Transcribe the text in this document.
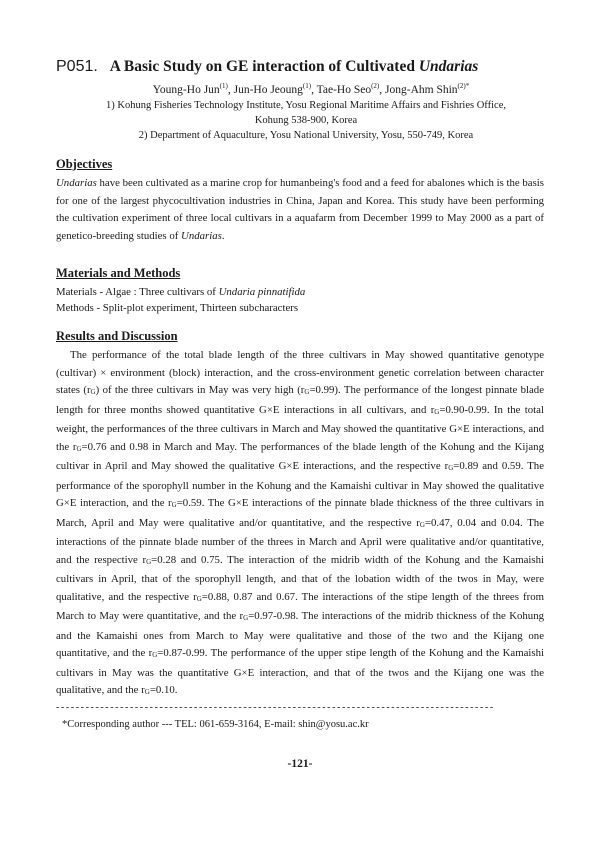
P051. A Basic Study on GE interaction of Cultivated Undarias
Young-Ho Jun$^{(1)}$, Jun-Ho Jeoung$^{(1)}$, Tae-Ho Seo$^{(2)}$, Jong-Ahm Shin$^{(2)*}$
1) Kohung Fisheries Technology Institute, Yosu Regional Maritime Affairs and Fishries Office,
Kohung 538-900, Korea
2) Department of Aquaculture, Yosu National University, Yosu, 550-749, Korea
Objectives
Undarias have been cultivated as a marine crop for humanbeing's food and a feed for abalones which is the basis for one of the largest phycocultivation industries in China, Japan and Korea. This study have been performing the cultivation experiment of three local cultivars in a aquafarm from December 1999 to May 2000 as a part of genetico-breeding studies of Undarias.
Materials and Methods
Materials - Algae : Three cultivars of Undaria pinnatifida
Methods - Split-plot experiment, Thirteen subcharacters
Results and Discussion
The performance of the total blade length of the three cultivars in May showed quantitative genotype (cultivar) × environment (block) interaction, and the cross-environment genetic correlation between character states (rG) of the three cultivars in May was very high (rG=0.99). The performance of the longest pinnate blade length for three months showed quantitative G×E interactions in all cultivars, and rG=0.90-0.99. In the total weight, the performances of the three cultivars in March and May showed the quantitative G×E interactions, and the rG=0.76 and 0.98 in March and May. The performances of the blade length of the Kohung and the Kijang cultivar in April and May showed the qualitative G×E interactions, and the respective rG=0.89 and 0.59. The performance of the sporophyll number in the Kohung and the Kamaishi cultivar in May showed the qualitative G×E interaction, and the rG=0.59. The G×E interactions of the pinnate blade thickness of the three cultivars in March, April and May were qualitative and/or quantitative, and the respective rG=0.47, 0.04 and 0.04. The interactions of the pinnate blade number of the threes in March and April were qualitative and/or quantitative, and the respective rG=0.28 and 0.75. The interaction of the midrib width of the Kohung and the Kamaishi cultivars in April, that of the sporophyll length, and that of the lobation width of the twos in May, were qualitative, and the respective rG=0.88, 0.87 and 0.67. The interactions of the stipe length of the threes from March to May were quantitative, and the rG=0.97-0.98. The interactions of the midrib thickness of the Kohung and the Kamaishi ones from March to May were qualitative and those of the two and the Kijang one quantitative, and the rG=0.87-0.99. The performance of the upper stipe length of the Kohung and the Kamaishi cultivars in May was the quantitative G×E interaction, and that of the twos and the Kijang one was the qualitative, and the rG=0.10.
-----------------------------------------------------------------------------------------
*Corresponding author --- TEL: 061-659-3164, E-mail: shin@yosu.ac.kr
-121-
